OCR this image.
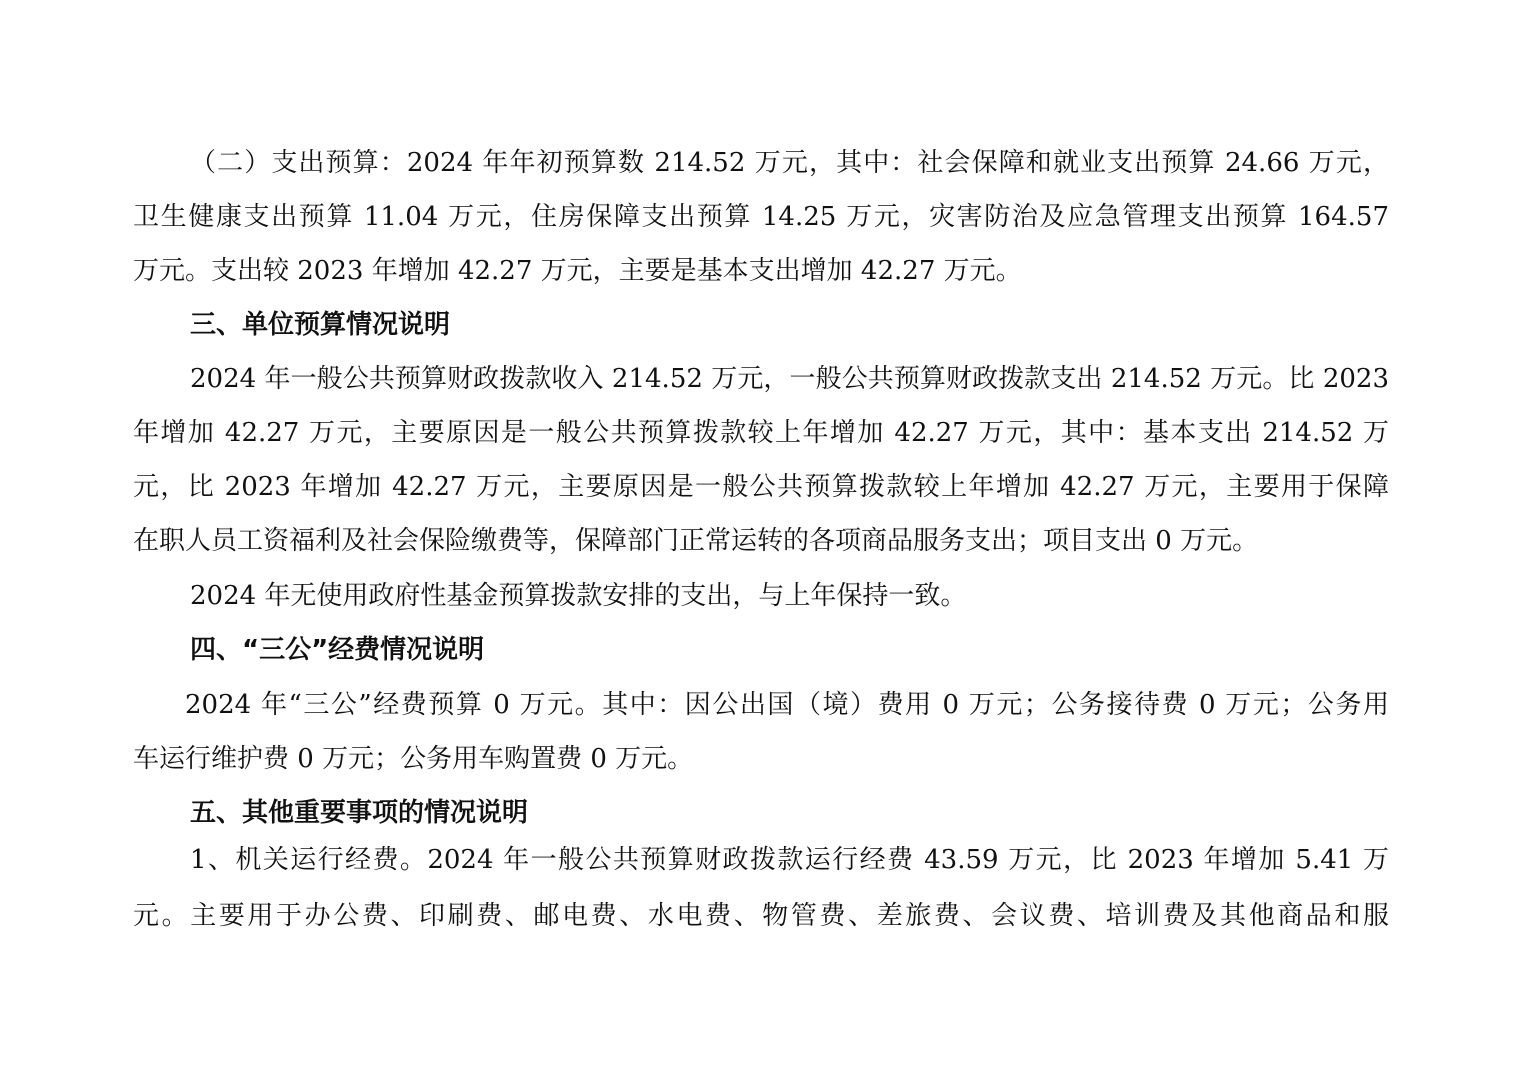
（二）支出预算：2024 年年初预算数 214.52 万元，其中：社会保障和就业支出预算 24.66 万元，
卫生健康支出预算 11.04 万元，住房保障支出预算 14.25 万元，灾害防治及应急管理支出预算 164.57
万元。支出较 2023 年增加 42.27 万元，主要是基本支出增加 42.27 万元。
三、单位预算情况说明
2024 年一般公共预算财政拨款收入 214.52 万元，一般公共预算财政拨款支出 214.52 万元。比 2023
年增加 42.27 万元，主要原因是一般公共预算拨款较上年增加 42.27 万元，其中：基本支出 214.52 万
元，比 2023 年增加 42.27 万元，主要原因是一般公共预算拨款较上年增加 42.27 万元，主要用于保障
在职人员工资福利及社会保险缴费等，保障部门正常运转的各项商品服务支出；项目支出 0 万元。
2024 年无使用政府性基金预算拨款安排的支出，与上年保持一致。
四、“三公”经费情况说明
2024 年“三公”经费预算 0 万元。其中：因公出国（境）费用 0 万元；公务接待费 0 万元；公务用
车运行维护费 0 万元；公务用车购置费 0 万元。
五、其他重要事项的情况说明
1、机关运行经费。2024 年一般公共预算财政拨款运行经费 43.59 万元，比 2023 年增加 5.41 万
元。主要用于办公费、印刷费、邮电费、水电费、物管费、差旅费、会议费、培训费及其他商品和服
